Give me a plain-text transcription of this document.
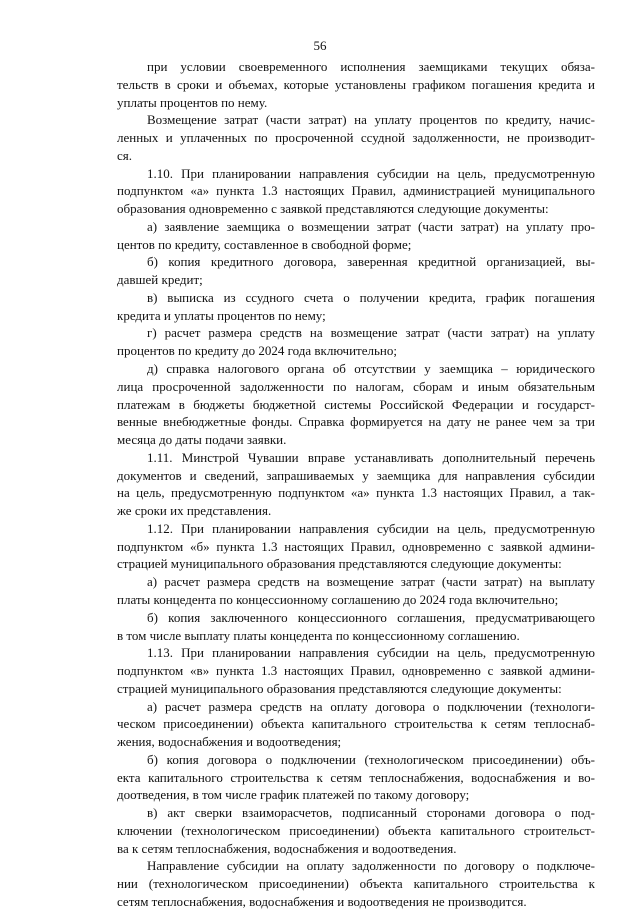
56
при условии своевременного исполнения заемщиками текущих обяза-
тельств в сроки и объемах, которые установлены графиком погашения кредита и
уплаты процентов по нему.
Возмещение затрат (части затрат) на уплату процентов по кредиту, начис-
ленных и уплаченных по просроченной ссудной задолженности, не производит-
ся.
1.10. При планировании направления субсидии на цель, предусмотренную
подпунктом «а» пункта 1.3 настоящих Правил, администрацией муниципального
образования одновременно с заявкой представляются следующие документы:
а) заявление заемщика о возмещении затрат (части затрат) на уплату про-
центов по кредиту, составленное в свободной форме;
б) копия кредитного договора, заверенная кредитной организацией, вы-
давшей кредит;
в) выписка из ссудного счета о получении кредита, график погашения
кредита и уплаты процентов по нему;
г) расчет размера средств на возмещение затрат (части затрат) на уплату
процентов по кредиту до 2024 года включительно;
д) справка налогового органа об отсутствии у заемщика – юридического
лица просроченной задолженности по налогам, сборам и иным обязательным
платежам в бюджеты бюджетной системы Российской Федерации и государст-
венные внебюджетные фонды. Справка формируется на дату не ранее чем за три
месяца до даты подачи заявки.
1.11. Минстрой Чувашии вправе устанавливать дополнительный перечень
документов и сведений, запрашиваемых у заемщика для направления субсидии
на цель, предусмотренную подпунктом «а» пункта 1.3 настоящих Правил, а так-
же сроки их представления.
1.12. При планировании направления субсидии на цель, предусмотренную
подпунктом «б» пункта 1.3 настоящих Правил, одновременно с заявкой админи-
страцией муниципального образования представляются следующие документы:
а) расчет размера средств на возмещение затрат (части затрат) на выплату
платы концедента по концессионному соглашению до 2024 года включительно;
б) копия заключенного концессионного соглашения, предусматривающего
в том числе выплату платы концедента по концессионному соглашению.
1.13. При планировании направления субсидии на цель, предусмотренную
подпунктом «в» пункта 1.3 настоящих Правил, одновременно с заявкой админи-
страцией муниципального образования представляются следующие документы:
а) расчет размера средств на оплату договора о подключении (технологи-
ческом присоединении) объекта капитального строительства к сетям теплоснаб-
жения, водоснабжения и водоотведения;
б) копия договора о подключении (технологическом присоединении) объ-
екта капитального строительства к сетям теплоснабжения, водоснабжения и во-
доотведения, в том числе график платежей по такому договору;
в) акт сверки взаиморасчетов, подписанный сторонами договора о под-
ключении (технологическом присоединении) объекта капитального строительст-
ва к сетям теплоснабжения, водоснабжения и водоотведения.
Направление субсидии на оплату задолженности по договору о подключе-
нии (технологическом присоединении) объекта капитального строительства к
сетям теплоснабжения, водоснабжения и водоотведения не производится.
